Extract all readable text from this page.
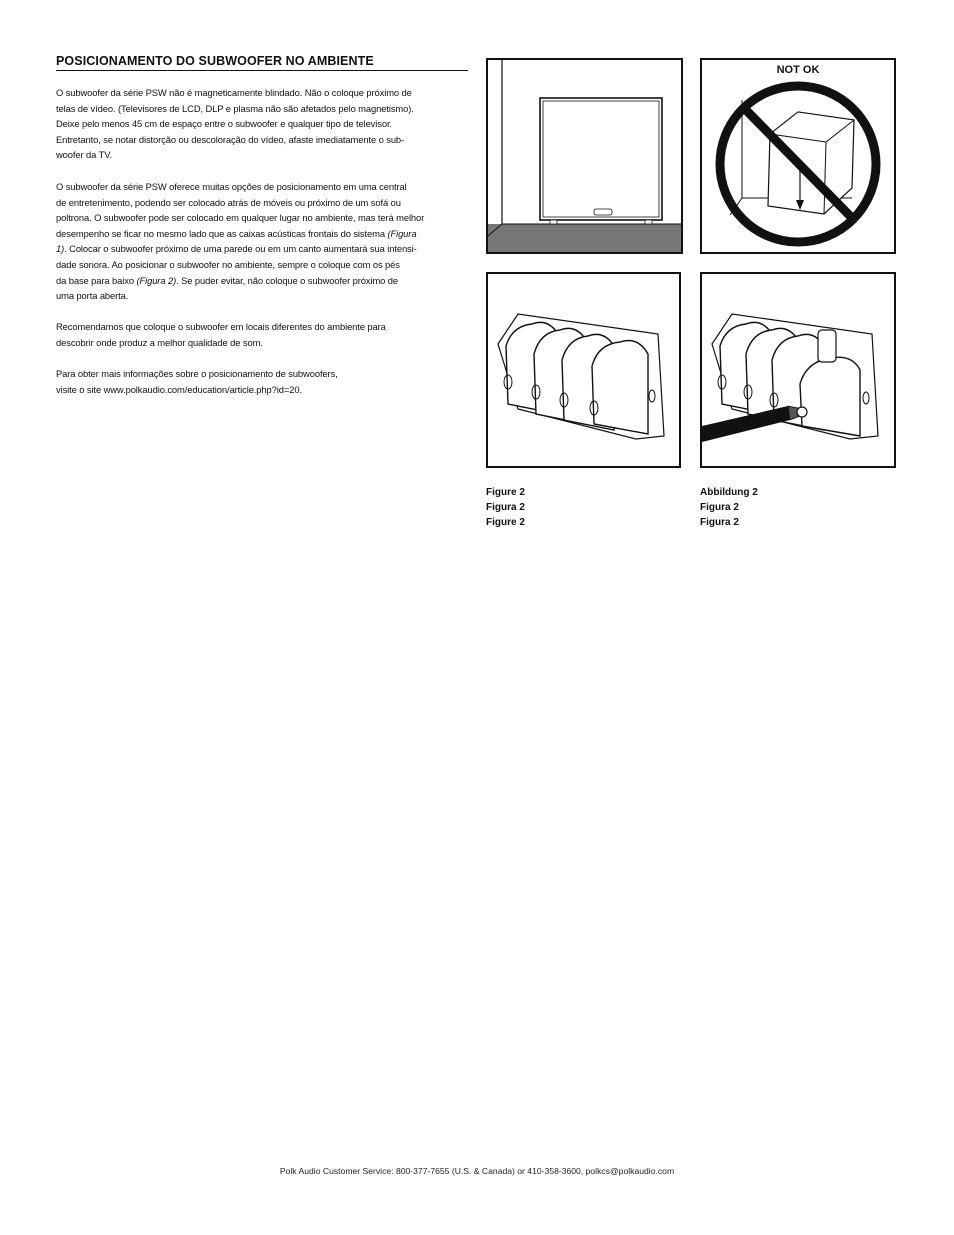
POSICIONAMENTO DO SUBWOOFER NO AMBIENTE
O subwoofer da série PSW não é magneticamente blindado. Não o coloque próximo de
telas de vídeo. (Televisores de LCD, DLP e plasma não são afetados pelo magnetismo).
Deixe pelo menos 45 cm de espaço entre o subwoofer e qualquer tipo de televisor.
Entretanto, se notar distorção ou descoloração do vídeo, afaste imediatamente o sub-
woofer da TV.
O subwoofer da série PSW oferece muitas opções de posicionamento em uma central
de entretenimento, podendo ser colocado atrás de móveis ou próximo de um sofá ou
poltrona. O subwoofer pode ser colocado em qualquer lugar no ambiente, mas terá melhor
desempenho se ficar no mesmo lado que as caixas acústicas frontais do sistema (Figura
1). Colocar o subwoofer próximo de uma parede ou em um canto aumentará sua intensi-
dade sonora. Ao posicionar o subwoofer no ambiente, sempre o coloque com os pés
da base para baixo (Figura 2). Se puder evitar, não coloque o subwoofer próximo de
uma porta aberta.
Recomendamos que coloque o subwoofer em locais diferentes do ambiente para
descobrir onde produz a melhor qualidade de som.
Para obter mais informações sobre o posicionamento de subwoofers,
visite o site www.polkaudio.com/education/article.php?id=20.
NOT OK
Figure 2
Figura 2
Figure 2
Abbildung 2
Figura 2
Figura 2
Polk Audio Customer Service: 800-377-7655 (U.S. & Canada) or 410-358-3600, polkcs@polkaudio.com
